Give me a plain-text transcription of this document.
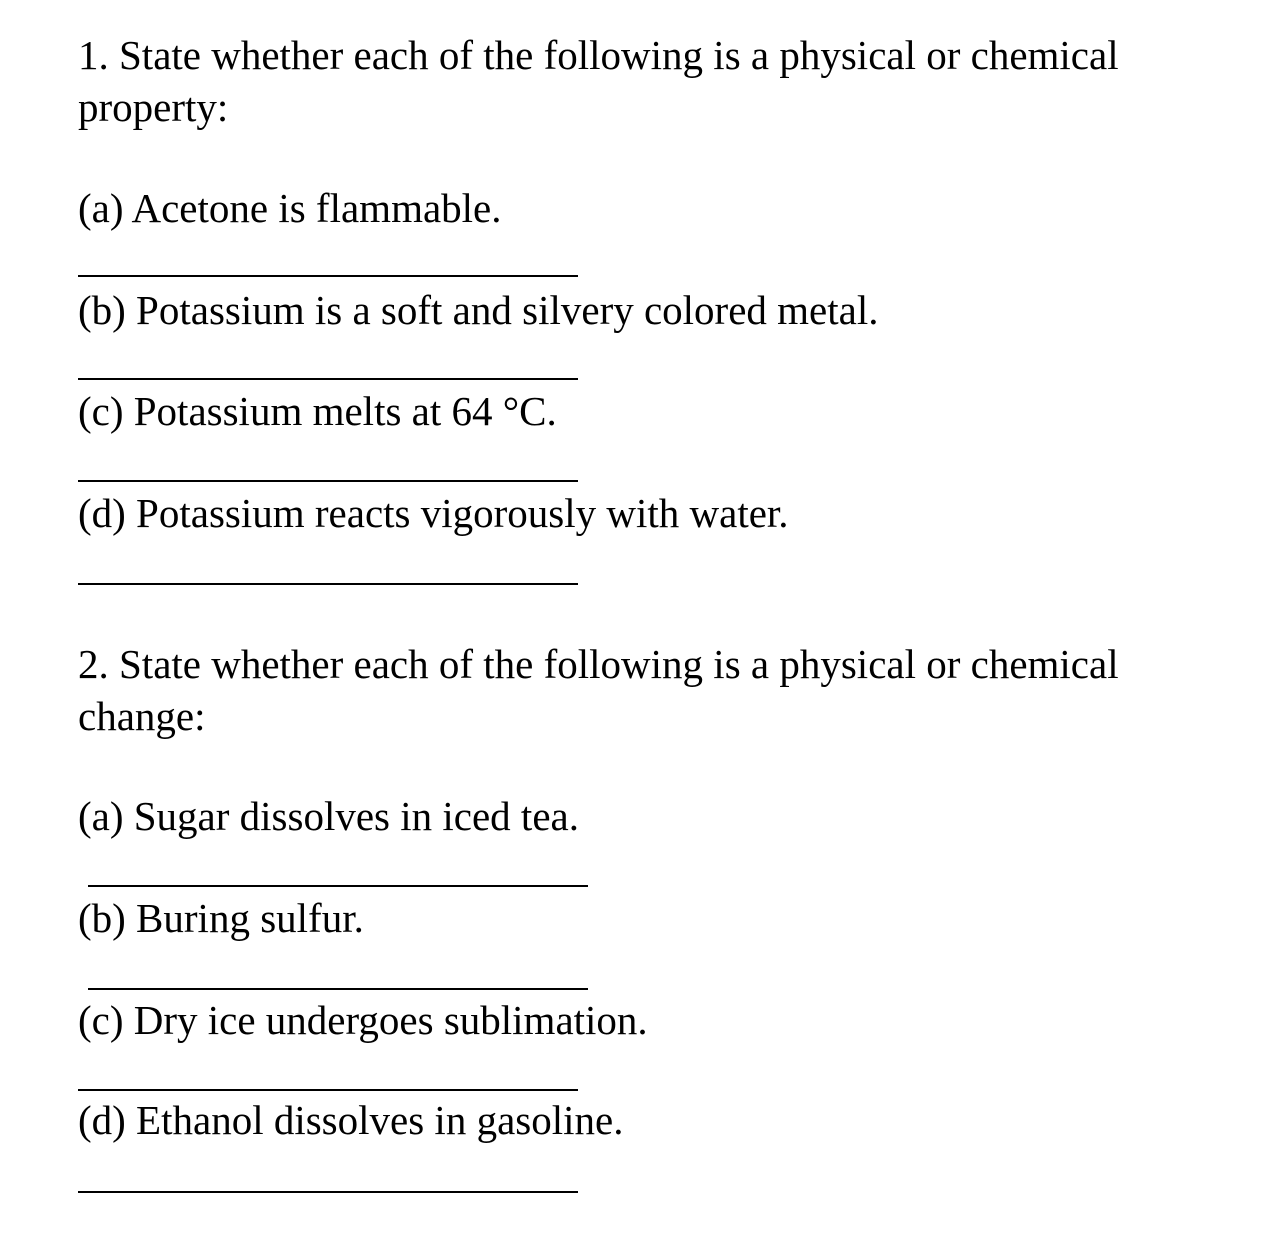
1. State whether each of the following is a physical or chemical property:

(a) Acetone is flammable.

(b) Potassium is a soft and silvery colored metal.

(c) Potassium melts at 64 °C.

(d) Potassium reacts vigorously with water.

2. State whether each of the following is a physical or chemical change:

(a) Sugar dissolves in iced tea.

(b) Buring sulfur.

(c) Dry ice undergoes sublimation.

(d) Ethanol dissolves in gasoline.
